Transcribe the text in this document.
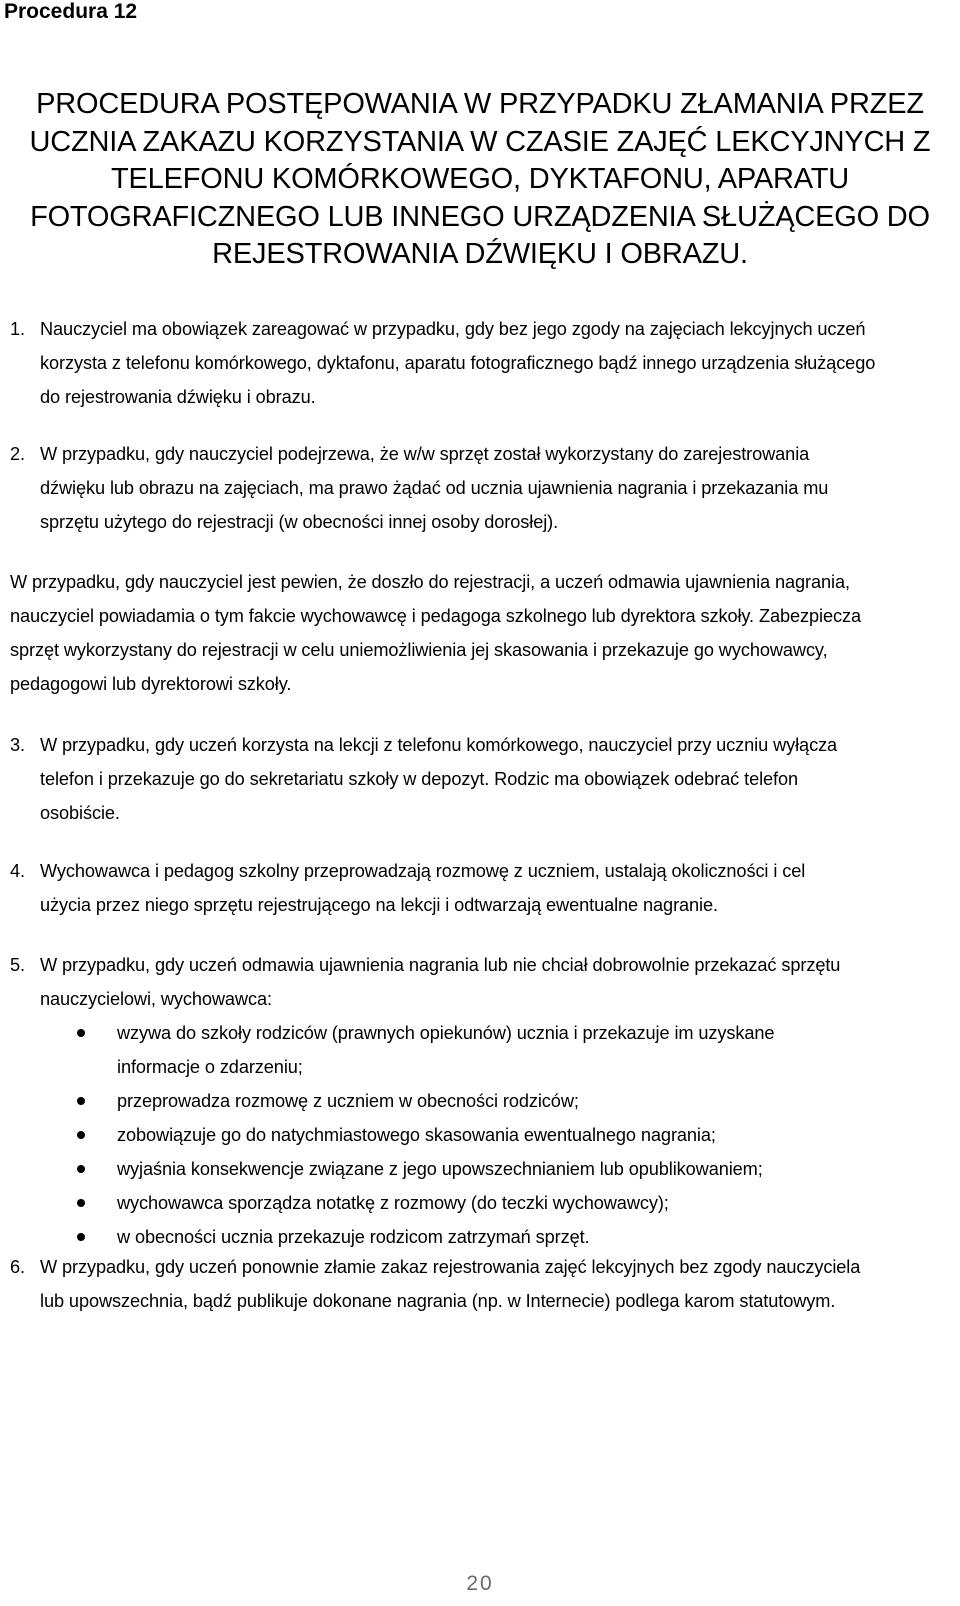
Procedura 12
PROCEDURA POSTĘPOWANIA W PRZYPADKU ZŁAMANIA PRZEZ
UCZNIA ZAKAZU KORZYSTANIA W CZASIE ZAJĘĆ LEKCYJNYCH Z
TELEFONU KOMÓRKOWEGO, DYKTAFONU, APARATU
FOTOGRAFICZNEGO LUB INNEGO URZĄDZENIA SŁUŻĄCEGO DO
REJESTROWANIA DŹWIĘKU I OBRAZU.
1. Nauczyciel ma obowiązek zareagować w przypadku, gdy bez jego zgody na zajęciach lekcyjnych uczeń
korzysta z telefonu komórkowego, dyktafonu, aparatu fotograficznego bądź innego urządzenia służącego
do rejestrowania dźwięku i obrazu.
2. W przypadku, gdy nauczyciel podejrzewa, że w/w sprzęt został wykorzystany do zarejestrowania
dźwięku lub obrazu na zajęciach, ma prawo żądać od ucznia ujawnienia nagrania i przekazania mu
sprzętu użytego do rejestracji (w obecności innej osoby dorosłej).
W przypadku, gdy nauczyciel jest pewien, że doszło do rejestracji, a uczeń odmawia ujawnienia nagrania,
nauczyciel powiadamia o tym fakcie wychowawcę i pedagoga szkolnego lub dyrektora szkoły. Zabezpiecza
sprzęt wykorzystany do rejestracji w celu uniemożliwienia jej skasowania i przekazuje go wychowawcy,
pedagogowi lub dyrektorowi szkoły.
3. W przypadku, gdy uczeń korzysta na lekcji z telefonu komórkowego, nauczyciel przy uczniu wyłącza
telefon i przekazuje go do sekretariatu szkoły w depozyt. Rodzic ma obowiązek odebrać telefon
osobiście.
4. Wychowawca i pedagog szkolny przeprowadzają rozmowę z uczniem, ustalają okoliczności i cel
użycia przez niego sprzętu rejestrującego na lekcji i odtwarzają ewentualne nagranie.
5. W przypadku, gdy uczeń odmawia ujawnienia nagrania lub nie chciał dobrowolnie przekazać sprzętu
nauczycielowi, wychowawca:
wzywa do szkoły rodziców (prawnych opiekunów) ucznia i przekazuje im uzyskane
informacje o zdarzeniu;
przeprowadza rozmowę z uczniem w obecności rodziców;
zobowiązuje go do natychmiastowego skasowania ewentualnego nagrania;
wyjaśnia konsekwencje związane z jego upowszechnianiem lub opublikowaniem;
wychowawca sporządza notatkę z rozmowy (do teczki wychowawcy);
w obecności ucznia przekazuje rodzicom zatrzymań sprzęt.
6. W przypadku, gdy uczeń ponownie złamie zakaz rejestrowania zajęć lekcyjnych bez zgody nauczyciela
lub upowszechnia, bądź publikuje dokonane nagrania (np. w Internecie) podlega karom statutowym.
20
